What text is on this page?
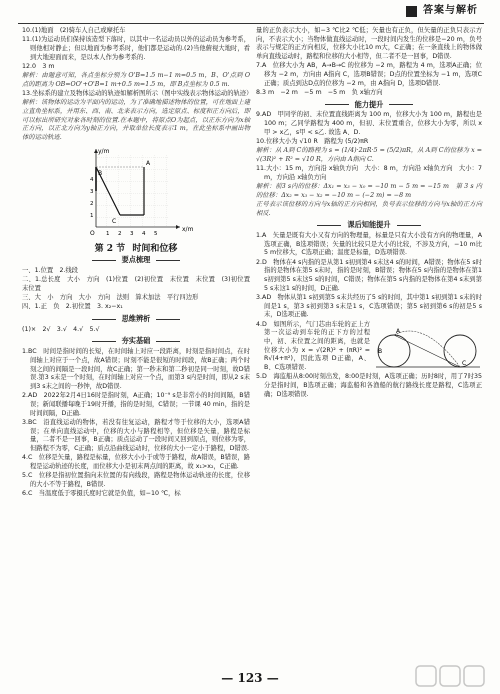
答案与解析

10.(1)地面　(2)骑车人自己或摩托车

11.(1)为运动员们保持该造型下落时，以其中一名运动员以外的运动员为参考系，则他相对静止；但以地面为参考系时，他们都是运动的.(2)当他俯视大地时，看到大地迎面而来，是以本人作为参考系的.

12.0　3 m

解析：由题意可知，各点坐标分别为 O'B=1.5 m−1 m=0.5 m，B、O'点到 O点的距离为 OB=OO'+O'B=1 m+0.5 m=1.5 m，即 B点坐标为 0.5 m.

13.坐标系的建立及物体运动的轨迹如解析图所示（图中实线表示物体运动的轨迹）

解析：该物体的运动为平面内的运动，为了准确地描述物体的位置，可在地面上建立直角坐标系，并用东、西、南、北来表示方向，选定原点、标度和正方向后，即可以标出所研究对象各时刻的位置.在本题中，将原点O为起点，以正东方向为x轴正方向，以正北方向为y轴正方向，并取单位长度表示1 m，在此坐标系中画出物体的运动轨迹.

y/m
x/m
1 2 3 4 5
1
2
3
4
A
B
C
O
第 2 节 时间和位移
要点梳理

一、1.位置　2.线段

二、1.总长度　大小　方向　(1)位置　(2)初位置　末位置　末位置　(3)初位置　末位置

三、大　小　方向　大小　方向　法则　算术加法　平行四边形

四、1.正　负　2.初位置　3. x₂−x₁

思维辨析

(1)×　2√　3.√　4.√　5.√

夯实基础

1.BC　时间是指时间的长短，在时间轴上对应一段距离，时刻是指时间点，在时间轴上对应于一个点，故A错误；时刻不能是很短的时间段，故B正确；两个时刻之间的间隔是一段时间，故C正确；第一秒末和第二秒初是同一时刻，故D错误.第3 s末是一个时刻，在时间轴上对应一个点，而第3 s内是时间，即从2 s末到3 s末之间的一秒钟，故D错误.

2.AD　2022年2月4日16时是指时刻，A正确；10⁻⁹ s是非常小的时间间隔，B错误；新闻联播每晚于19时开播，指的是时刻，C错误；一节课 40 min，指的是时间间隔，D正确.

3.BC　沿直线运动的物体，若没有往复运动，路程才等于位移的大小，选项A错误；在单向直线运动中，位移的大小与路程相等，但位移是矢量，路程是标量，二者不是一回事，B正确；质点运动了一段时间又回到原点，则位移为零，但路程不为零，C正确；质点沿曲线运动时，位移的大小一定小于路程，D错误.

4.C　位移是矢量，路程是标量，位移大小小于或等于路程，故A错误，B错误，路程是运动轨迹的长度，而位移大小是初末两点间的距离，故 x₁>x₂，C正确.

5.C　位移是指初位置指向末位置的有向线段，路程是物体运动轨迹的长度，位移的大小不等于路程，B错误.

6.C　当温度低于零摄氏度时它就是负值，如−10 ℃，标

量的正负表示大小，如−3 ℃比2 ℃低；矢量也有正负，但矢量的正负只表示方向，不表示大小；当物体做直线运动时，一段时间内发生的位移是−20 m，负号表示与规定的正方向相反，位移大小比10 m大，C正确；在一条直线上的物体做单向直线运动时，路程和位移的大小相等，但二者不是一回事，D错误.

7.A　位移大小为 AB，A→B→C 的位移为 −2 m，路程为 4 m，选项A正确；位移为 −2 m，方向由 A指向 C，选项B错误；D点的位置坐标为 −1 m，选项C正确；质点到达D点的位移为 −2 m，由 A指向 D，选项D错误.

8.3 m　−2 m　−5 m　−5 m　负 x轴方向

能力提升

9.AD　甲同学的初、末位置直线距离为 100 m，位移大小为 100 m，路程也是 100 m；乙同学路程为 400 m，但初、末位置重合，位移大小为零，所以 x甲 > x乙，s甲 < s乙. 故选 A、D.

10.位移大小为 √10 R　路程为 (5/2)πR

解析：从 A到 C的路程为 s = (1/4)·2πR·5 = (5/2)πR，从 A到 C的位移为 x = √(3R)² + R² = √10 R，方向由 A指向 C.

11.大小：15 m，方向沿 x轴负方向　大小：8 m，方向沿 x轴负方向　大小：7 m，方向沿 x轴负方向

解析：前3 s内的位移：Δx₁ = x₃ − x₀ = −10 m − 5 m = −15 m　第 3 s 内的位移：Δx₂ = x₃ − x₂ = −10 m − (−2 m) = −8 m

正号表示该位移的方向与x轴的正方向相同，负号表示位移的方向与x轴的正方向相反.

课后知能提升

1.A　矢量是既有大小又有方向的物理量，标量是只有大小没有方向的物理量，A选项正确，B选项错误；矢量的比较只是大小的比较，不涉及方向，−10 m比 5 m位移大，C选项正确；温度是标量，D选项错误.

2.D　物体在4 s内指的是从第1 s初到第4 s末这4 s的时间，A错误；物体在5 s时指的是物体在第5 s末时，指的是时刻，B错误；物体在5 s内指的是物体在第1 s初到第5 s末这5 s的时间，C错误；物体在第5 s内指的是物体在第4 s末到第5 s末这1 s的时间，D正确.

3.AD　物体从第1 s初到第5 s末共经历了5 s的时间，其中第1 s初到第1 s末的时间是1 s，第3 s初到第3 s末是1 s，C选项错误；第5 s初到第6 s的初是5 s末，D选项正确.

A
B
C

4.D　如图所示，气门芯由车轮的正上方第一次运动到车轮的正下方的过程中，初、末位置之间的距离，也就是位移大小为 x = √(2R)² + (πR)² = R√(4+π²)，因此选项 D正确，A、B、C选项错误.

5.D　海监船从8:00时刻出发，8:00是时刻，A选项正确；历时8时，用了7时35分是指时间，B选项正确；海监船和各渔船的航行路线长度是路程，C选项正确；D选项错误.

— 123 —
